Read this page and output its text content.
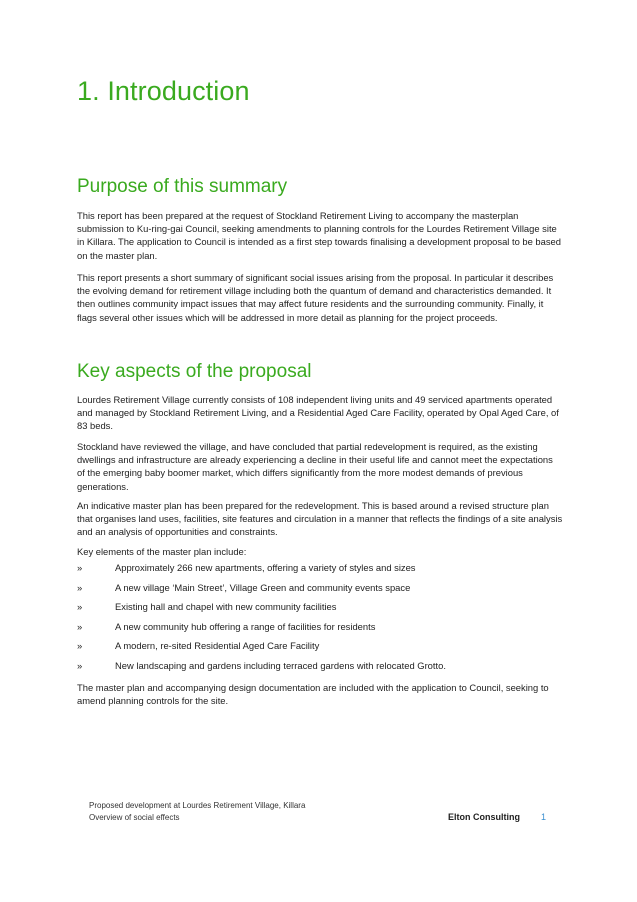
1. Introduction
Purpose of this summary

This report has been prepared at the request of Stockland Retirement Living to accompany the masterplan submission to Ku-ring-gai Council, seeking amendments to planning controls for the Lourdes Retirement Village site in Killara. The application to Council is intended as a first step towards finalising a development proposal to be based on the master plan.

This report presents a short summary of significant social issues arising from the proposal. In particular it describes the evolving demand for retirement village including both the quantum of demand and characteristics demanded. It then outlines community impact issues that may affect future residents and the surrounding community. Finally, it flags several other issues which will be addressed in more detail as planning for the project proceeds.

Key aspects of the proposal

Lourdes Retirement Village currently consists of 108 independent living units and 49 serviced apartments operated and managed by Stockland Retirement Living, and a Residential Aged Care Facility, operated by Opal Aged Care, of 83 beds.

Stockland have reviewed the village, and have concluded that partial redevelopment is required, as the existing dwellings and infrastructure are already experiencing a decline in their useful life and cannot meet the expectations of the emerging baby boomer market, which differs significantly from the more modest demands of previous generations.

An indicative master plan has been prepared for the redevelopment. This is based around a revised structure plan that organises land uses, facilities, site features and circulation in a manner that reflects the findings of a site analysis and an analysis of opportunities and constraints.

Key elements of the master plan include:

»	Approximately 266 new apartments, offering a variety of styles and sizes
»	A new village ‘Main Street’, Village Green and community events space
»	Existing hall and chapel with new community facilities
»	A new community hub offering a range of facilities for residents
»	A modern, re-sited Residential Aged Care Facility
»	New landscaping and gardens including terraced gardens with relocated Grotto.

The master plan and accompanying design documentation are included with the application to Council, seeking to amend planning controls for the site.

Proposed development at Lourdes Retirement Village, Killara
Overview of social effects	Elton Consulting 1
